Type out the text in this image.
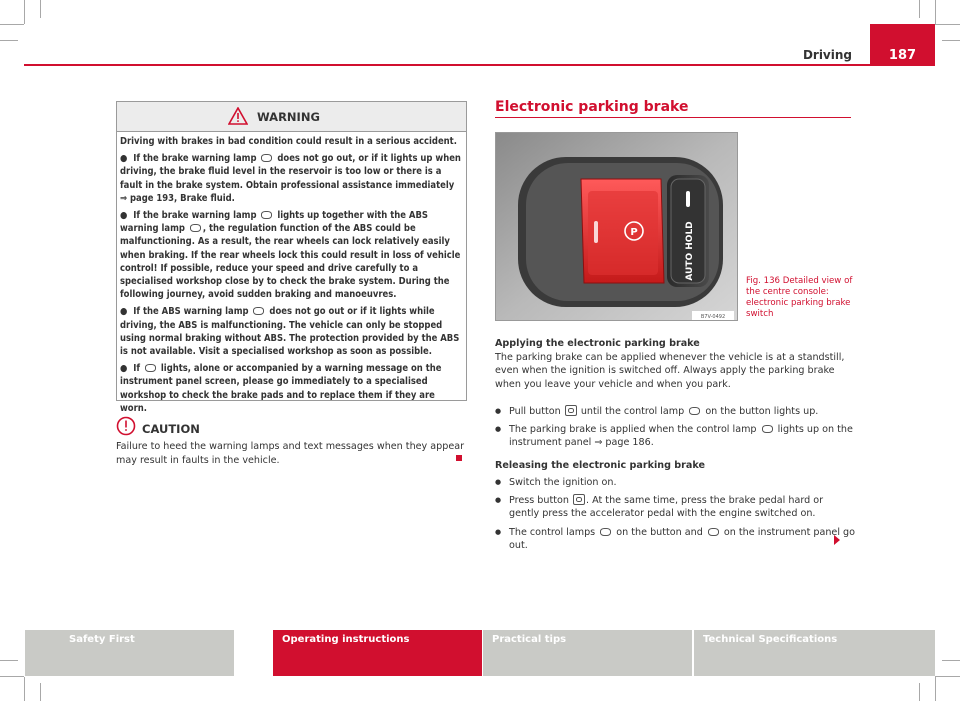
Driving	187
WARNING

Driving with brakes in bad condition could result in a serious accident.

●  If the brake warning lamp  does not go out, or if it lights up when driving, the brake fluid level in the reservoir is too low or there is a fault in the brake system. Obtain professional assistance immediately ⇒ page 193, Brake fluid.

●  If the brake warning lamp  lights up together with the ABS warning lamp , the regulation function of the ABS could be malfunctioning. As a result, the rear wheels can lock relatively easily when braking. If the rear wheels lock this could result in loss of vehicle control! If possible, reduce your speed and drive carefully to a specialised workshop close by to check the brake system. During the following journey, avoid sudden braking and manoeuvres.

●  If the ABS warning lamp  does not go out or if it lights while driving, the ABS is malfunctioning. The vehicle can only be stopped using normal braking without ABS. The protection provided by the ABS is not available. Visit a specialised workshop as soon as possible.

●  If  lights, alone or accompanied by a warning message on the instrument panel screen, please go immediately to a specialised workshop to check the brake pads and to replace them if they are worn.

CAUTION
Failure to heed the warning lamps and text messages when they appear may result in faults in the vehicle.
Electronic parking brake
P	AUTO HOLD
B7V-0492
Fig. 136 Detailed view of the centre console: electronic parking brake switch
Applying the electronic parking brake
The parking brake can be applied whenever the vehicle is at a standstill, even when the ignition is switched off. Always apply the parking brake when you leave your vehicle and when you park.
● Pull button  until the control lamp  on the button lights up.
● The parking brake is applied when the control lamp  lights up on the instrument panel ⇒ page 186.
Releasing the electronic parking brake
● Switch the ignition on.
● Press button . At the same time, press the brake pedal hard or gently press the accelerator pedal with the engine switched on.
● The control lamps  on the button and  on the instrument panel go out.
Safety First	Operating instructions	Practical tips	Technical Specifications
